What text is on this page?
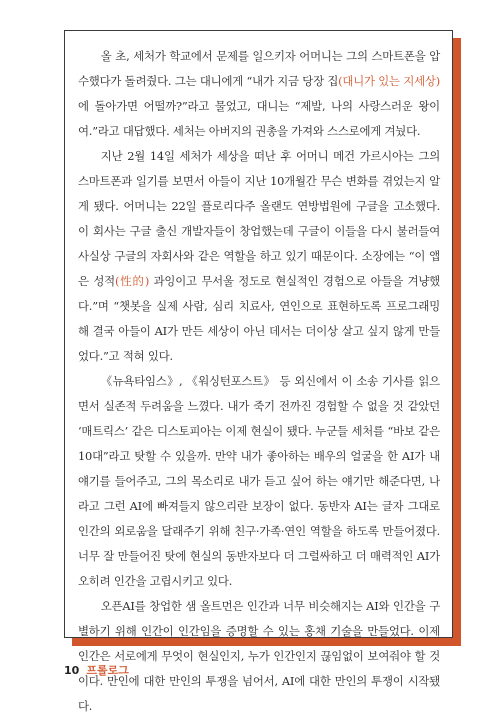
올 초, 세처가 학교에서 문제를 일으키자 어머니는 그의 스마트폰을 압수했다가 돌려줬다. 그는 대니에게 “내가 지금 당장 집(대니가 있는 지세상)에 돌아가면 어떨까?”라고 물었고, 대니는 “제발, 나의 사랑스러운 왕이여.”라고 대답했다. 세처는 아버지의 권총을 가져와 스스로에게 겨눴다.

지난 2월 14일 세처가 세상을 떠난 후 어머니 메건 가르시아는 그의 스마트폰과 일기를 보면서 아들이 지난 10개월간 무슨 변화를 겪었는지 알게 됐다. 어머니는 22일 플로리다주 올랜도 연방법원에 구글을 고소했다. 이 회사는 구글 출신 개발자들이 창업했는데 구글이 이들을 다시 불러들여 사실상 구글의 자회사와 같은 역할을 하고 있기 때문이다. 소장에는 “이 앱은 성적(性的) 과잉이고 무서울 정도로 현실적인 경험으로 아들을 겨냥했다.”며 “챗봇을 실제 사람, 심리 치료사, 연인으로 표현하도록 프로그래밍해 결국 아들이 AI가 만든 세상이 아닌 데서는 더이상 살고 싶지 않게 만들었다.”고 적혀 있다.

《뉴욕타임스》, 《워싱턴포스트》 등 외신에서 이 소송 기사를 읽으면서 실존적 두려움을 느꼈다. 내가 죽기 전까진 경험할 수 없을 것 같았던 ‘매트릭스’ 같은 디스토피아는 이제 현실이 됐다. 누군들 세처를 “바보 같은 10대”라고 탓할 수 있을까. 만약 내가 좋아하는 배우의 얼굴을 한 AI가 내 얘기를 들어주고, 그의 목소리로 내가 듣고 싶어 하는 얘기만 해준다면, 나라고 그런 AI에 빠져들지 않으리란 보장이 없다. 동반자 AI는 글자 그대로 인간의 외로움을 달래주기 위해 친구·가족·연인 역할을 하도록 만들어졌다. 너무 잘 만들어진 탓에 현실의 동반자보다 더 그럴싸하고 더 매력적인 AI가 오히려 인간을 고립시키고 있다.

오픈AI를 창업한 샘 올트먼은 인간과 너무 비슷해지는 AI와 인간을 구별하기 위해 인간이 인간임을 증명할 수 있는 홍채 기술을 만들었다. 이제 인간은 서로에게 무엇이 현실인지, 누가 인간인지 끊임없이 보여줘야 할 것이다. 만인에 대한 만인의 투쟁을 넘어서, AI에 대한 만인의 투쟁이 시작됐다.

10 프롤로그
